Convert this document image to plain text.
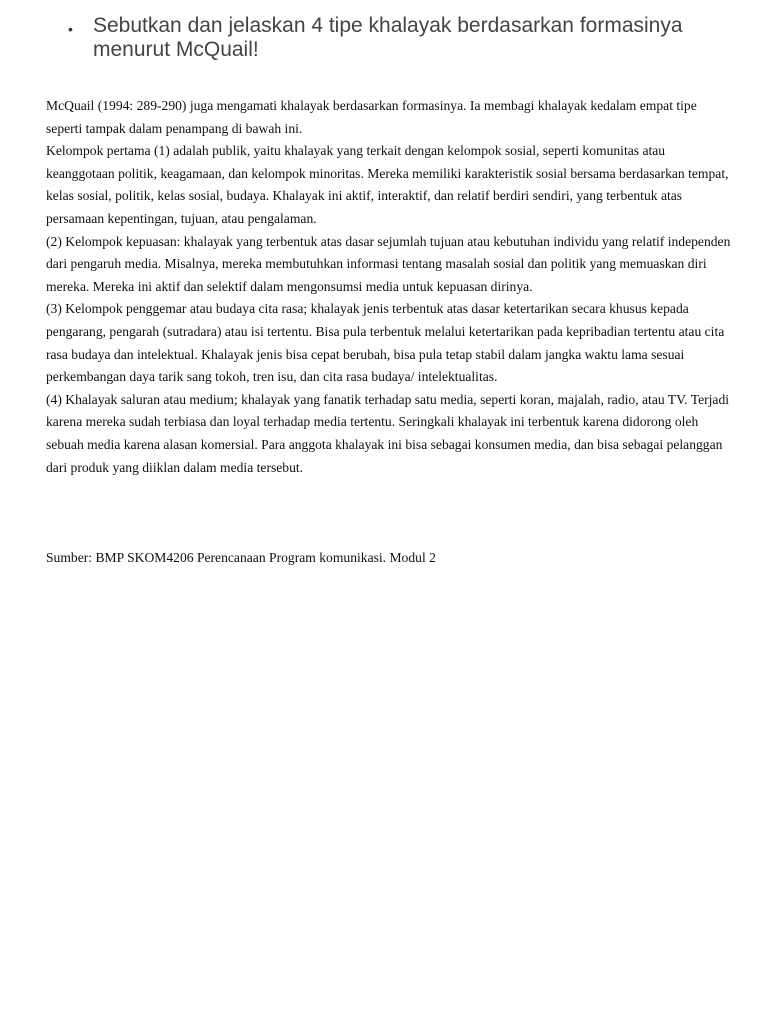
• Sebutkan dan jelaskan 4 tipe khalayak berdasarkan formasinya menurut McQuail!

McQuail (1994: 289-290) juga mengamati khalayak berdasarkan formasinya. Ia membagi khalayak kedalam empat tipe seperti tampak dalam penampang di bawah ini.

Kelompok pertama (1) adalah publik, yaitu khalayak yang terkait dengan kelompok sosial, seperti komunitas atau keanggotaan politik, keagamaan, dan kelompok minoritas. Mereka memiliki karakteristik sosial bersama berdasarkan tempat, kelas sosial, politik, kelas sosial, budaya. Khalayak ini aktif, interaktif, dan relatif berdiri sendiri, yang terbentuk atas persamaan kepentingan, tujuan, atau pengalaman.

(2) Kelompok kepuasan: khalayak yang terbentuk atas dasar sejumlah tujuan atau kebutuhan individu yang relatif independen dari pengaruh media. Misalnya, mereka membutuhkan informasi tentang masalah sosial dan politik yang memuaskan diri mereka. Mereka ini aktif dan selektif dalam mengonsumsi media untuk kepuasan dirinya.

(3) Kelompok penggemar atau budaya cita rasa; khalayak jenis terbentuk atas dasar ketertarikan secara khusus kepada pengarang, pengarah (sutradara) atau isi tertentu. Bisa pula terbentuk melalui ketertarikan pada kepribadian tertentu atau cita rasa budaya dan intelektual. Khalayak jenis bisa cepat berubah, bisa pula tetap stabil dalam jangka waktu lama sesuai perkembangan daya tarik sang tokoh, tren isu, dan cita rasa budaya/ intelektualitas.

(4) Khalayak saluran atau medium; khalayak yang fanatik terhadap satu media, seperti koran, majalah, radio, atau TV. Terjadi karena mereka sudah terbiasa dan loyal terhadap media tertentu. Seringkali khalayak ini terbentuk karena didorong oleh sebuah media karena alasan komersial. Para anggota khalayak ini bisa sebagai konsumen media, dan bisa sebagai pelanggan dari produk yang diiklan dalam media tersebut.

Sumber: BMP SKOM4206 Perencanaan Program komunikasi. Modul 2
